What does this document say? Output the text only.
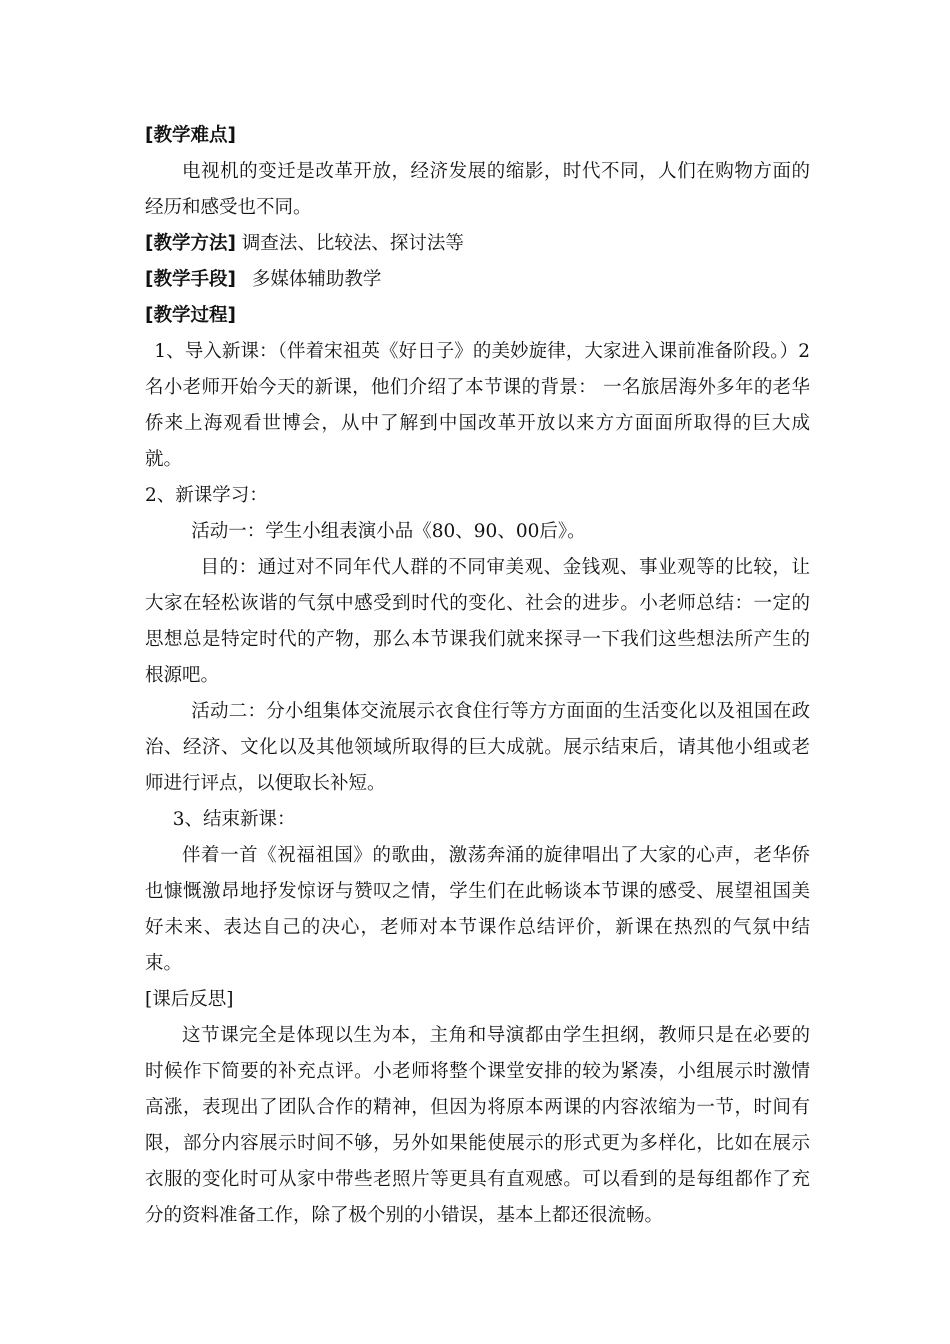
[教学难点]
电视机的变迁是改革开放，经济发展的缩影，时代不同，人们在购物方面的经历和感受也不同。
[教学方法] 调查法、比较法、探讨法等
[教学手段] 多媒体辅助教学
[教学过程]
1、导入新课：（伴着宋祖英《好日子》的美妙旋律，大家进入课前准备阶段。）2名小老师开始今天的新课，他们介绍了本节课的背景： 一名旅居海外多年的老华侨来上海观看世博会，从中了解到中国改革开放以来方方面面所取得的巨大成就。
2、新课学习：
活动一：学生小组表演小品《80、90、00后》。
目的：通过对不同年代人群的不同审美观、金钱观、事业观等的比较，让大家在轻松诙谐的气氛中感受到时代的变化、社会的进步。小老师总结：一定的思想总是特定时代的产物，那么本节课我们就来探寻一下我们这些想法所产生的根源吧。
活动二：分小组集体交流展示衣食住行等方方面面的生活变化以及祖国在政治、经济、文化以及其他领域所取得的巨大成就。展示结束后，请其他小组或老师进行评点，以便取长补短。
3、结束新课：
伴着一首《祝福祖国》的歌曲，激荡奔涌的旋律唱出了大家的心声，老华侨也慷慨激昂地抒发惊讶与赞叹之情，学生们在此畅谈本节课的感受、展望祖国美好未来、表达自己的决心，老师对本节课作总结评价，新课在热烈的气氛中结束。
[课后反思]
这节课完全是体现以生为本，主角和导演都由学生担纲，教师只是在必要的时候作下简要的补充点评。小老师将整个课堂安排的较为紧凑，小组展示时激情高涨，表现出了团队合作的精神，但因为将原本两课的内容浓缩为一节，时间有限，部分内容展示时间不够，另外如果能使展示的形式更为多样化，比如在展示衣服的变化时可从家中带些老照片等更具有直观感。可以看到的是每组都作了充分的资料准备工作，除了极个别的小错误，基本上都还很流畅。
